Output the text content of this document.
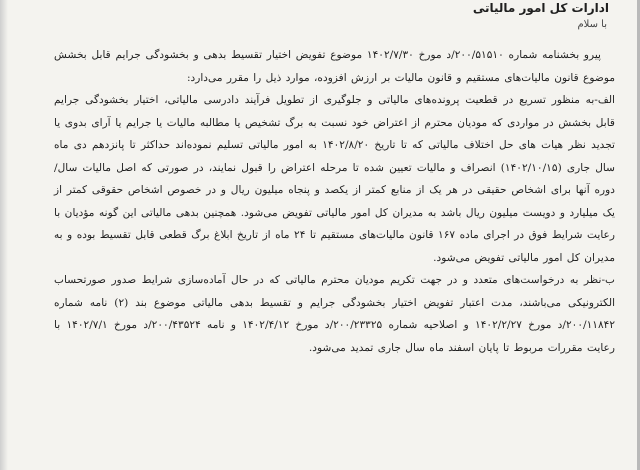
ادارات کل امور مالیاتی
با سلام

پیرو بخشنامه شماره ۲۰۰/۵۱۵۱۰/د مورخ ۱۴۰۲/۷/۳۰ موضوع تفویض اختیار تقسیط بدهی و بخشودگی جرایم قابل بخشش موضوع قانون مالیات‌های مستقیم و قانون مالیات بر ارزش افزوده، موارد ذیل را مقرر می‌دارد:

الف-به منظور تسریع در قطعیت پرونده‌های مالیاتی و جلوگیری از تطویل فرآیند دادرسی مالیاتی، اختیار بخشودگی جرایم قابل بخشش در مواردی که مودیان محترم از اعتراض خود نسبت به برگ تشخیص یا مطالبه مالیات یا جرایم یا آرای بدوی یا تجدید نظر هیات های حل اختلاف مالیاتی که تا تاریخ ۱۴۰۲/۸/۲۰ به امور مالیاتی تسلیم نموده‌اند حداکثر تا پانزدهم دی ماه سال جاری (۱۴۰۲/۱۰/۱۵) انصراف و مالیات تعیین شده تا مرحله اعتراض را قبول نمایند، در صورتی که اصل مالیات سال/دوره آنها برای اشخاص حقیقی در هر یک از منابع کمتر از یکصد و پنجاه میلیون ریال و در خصوص اشخاص حقوقی کمتر از یک میلیارد و دویست میلیون ریال باشد به مدیران کل امور مالیاتی تفویض می‌شود. همچنین بدهی مالیاتی این گونه مؤدیان با رعایت شرایط فوق در اجرای ماده ۱۶۷ قانون مالیات‌های مستقیم تا ۲۴ ماه از تاریخ ابلاغ برگ قطعی قابل تقسیط بوده و به مدیران کل امور مالیاتی تفویض می‌شود.

ب-نظر به درخواست‌های متعدد و در جهت تکریم مودیان محترم مالیاتی که در حال آماده‌سازی شرایط صدور صورتحساب الکترونیکی می‌باشند، مدت اعتبار تفویض اختیار بخشودگی جرایم و تقسیط بدهی مالیاتی موضوع بند (۲) نامه شماره ۲۰۰/۱۱۸۴۲/د مورخ ۱۴۰۲/۲/۲۷ و اصلاحیه شماره ۲۰۰/۲۳۳۲۵/د مورخ ۱۴۰۲/۴/۱۲ و نامه ۲۰۰/۴۳۵۲۴/د مورخ ۱۴۰۲/۷/۱ با رعایت مقررات مربوط تا پایان اسفند ماه سال جاری تمدید می‌شود.
